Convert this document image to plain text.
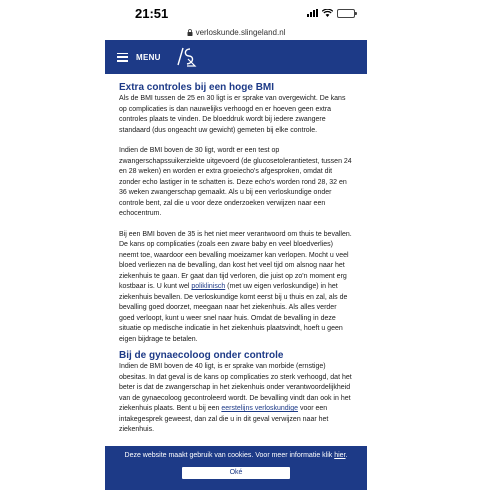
21:51
verloskunde.slingeland.nl
MENU
Extra controles bij een hoge BMI

Als de BMI tussen de 25 en 30 ligt is er sprake van overgewicht. De kans op complicaties is dan nauwelijks verhoogd en er hoeven geen extra controles plaats te vinden. De bloeddruk wordt bij iedere zwangere standaard (dus ongeacht uw gewicht) gemeten bij elke controle.

Indien de BMI boven de 30 ligt, wordt er een test op zwangerschapssuikerziekte uitgevoerd (de glucosetolerantietest, tussen 24 en 28 weken) en worden er extra groeiecho's afgesproken, omdat dit zonder echo lastiger in te schatten is. Deze echo's worden rond 28, 32 en 36 weken zwangerschap gemaakt. Als u bij een verloskundige onder controle bent, zal die u voor deze onderzoeken verwijzen naar een echocentrum.

Bij een BMI boven de 35 is het niet meer verantwoord om thuis te bevallen. De kans op complicaties (zoals een zware baby en veel bloedverlies) neemt toe, waardoor een bevalling moeizamer kan verlopen. Mocht u veel bloed verliezen na de bevalling, dan kost het veel tijd om alsnog naar het ziekenhuis te gaan. Er gaat dan tijd verloren, die juist op zo'n moment erg kostbaar is. U kunt wel poliklinisch (met uw eigen verloskundige) in het ziekenhuis bevallen. De verloskundige komt eerst bij u thuis en zal, als de bevalling goed doorzet, meegaan naar het ziekenhuis. Als alles verder goed verloopt, kunt u weer snel naar huis. Omdat de bevalling in deze situatie op medische indicatie in het ziekenhuis plaatsvindt, hoeft u geen eigen bijdrage te betalen.

Bij de gynaecoloog onder controle

Indien de BMI boven de 40 ligt, is er sprake van morbide (ernstige) obesitas. In dat geval is de kans op complicaties zo sterk verhoogd, dat het beter is dat de zwangerschap in het ziekenhuis onder verantwoordelijkheid van de gynaecoloog gecontroleerd wordt. De bevalling vindt dan ook in het ziekenhuis plaats. Bent u bij een eerstelijns verloskundige voor een intakegesprek geweest, dan zal die u in dit geval verwijzen naar het ziekenhuis.

Deze website maakt gebruik van cookies. Voor meer informatie klik hier.
Oké
